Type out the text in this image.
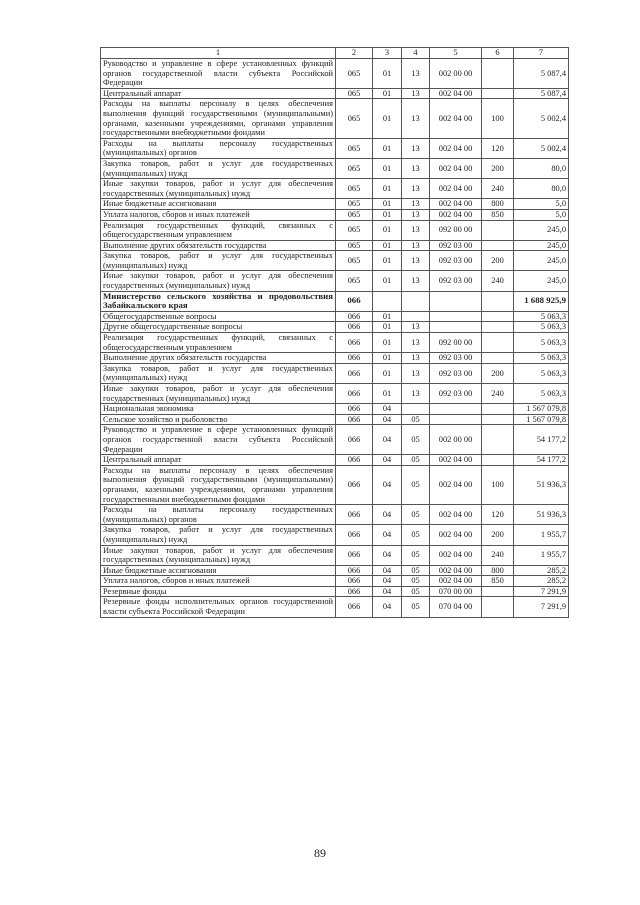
1	2	3	4	5	6	7
Руководство и управление в сфере установленных функций органов государственной власти субъекта Российской Федерации	065	01	13	002 00 00		5 087,4
Центральный аппарат	065	01	13	002 04 00		5 087,4
Расходы на выплаты персоналу в целях обеспечения выполнения функций государственными (муниципальными) органами, казенными учреждениями, органами управления государственными внебюджетными фондами	065	01	13	002 04 00	100	5 002,4
Расходы на выплаты персоналу государственных (муниципальных) органов	065	01	13	002 04 00	120	5 002,4
Закупка товаров, работ и услуг для государственных (муниципальных) нужд	065	01	13	002 04 00	200	80,0
Иные закупки товаров, работ и услуг для обеспечения государственных (муниципальных) нужд	065	01	13	002 04 00	240	80,0
Иные бюджетные ассигнования	065	01	13	002 04 00	800	5,0
Уплата налогов, сборов и иных платежей	065	01	13	002 04 00	850	5,0
Реализация государственных функций, связанных с общегосударственным управлением	065	01	13	092 00 00		245,0
Выполнение других обязательств государства	065	01	13	092 03 00		245,0
Закупка товаров, работ и услуг для государственных (муниципальных) нужд	065	01	13	092 03 00	200	245,0
Иные закупки товаров, работ и услуг для обеспечения государственных (муниципальных) нужд	065	01	13	092 03 00	240	245,0
Министерство сельского хозяйства и продовольствия Забайкальского края	066					1 688 925,9
Общегосударственные вопросы	066	01				5 063,3
Другие общегосударственные вопросы	066	01	13			5 063,3
Реализация государственных функций, связанных с общегосударственным управлением	066	01	13	092 00 00		5 063,3
Выполнение других обязательств государства	066	01	13	092 03 00		5 063,3
Закупка товаров, работ и услуг для государственных (муниципальных) нужд	066	01	13	092 03 00	200	5 063,3
Иные закупки товаров, работ и услуг для обеспечения государственных (муниципальных) нужд	066	01	13	092 03 00	240	5 063,3
Национальная экономика	066	04				1 567 079,8
Сельское хозяйство и рыболовство	066	04	05			1 567 079,8
Руководство и управление в сфере установленных функций органов государственной власти субъекта Российской Федерации	066	04	05	002 00 00		54 177,2
Центральный аппарат	066	04	05	002 04 00		54 177,2
Расходы на выплаты персоналу в целях обеспечения выполнения функций государственными (муниципальными) органами, казенными учреждениями, органами управления государственными внебюджетными фондами	066	04	05	002 04 00	100	51 936,3
Расходы на выплаты персоналу государственных (муниципальных) органов	066	04	05	002 04 00	120	51 936,3
Закупка товаров, работ и услуг для государственных (муниципальных) нужд	066	04	05	002 04 00	200	1 955,7
Иные закупки товаров, работ и услуг для обеспечения государственных (муниципальных) нужд	066	04	05	002 04 00	240	1 955,7
Иные бюджетные ассигнования	066	04	05	002 04 00	800	285,2
Уплата налогов, сборов и иных платежей	066	04	05	002 04 00	850	285,2
Резервные фонды	066	04	05	070 00 00		7 291,9
Резервные фонды исполнительных органов государственной власти субъекта Российской Федерации	066	04	05	070 04 00		7 291,9
89
